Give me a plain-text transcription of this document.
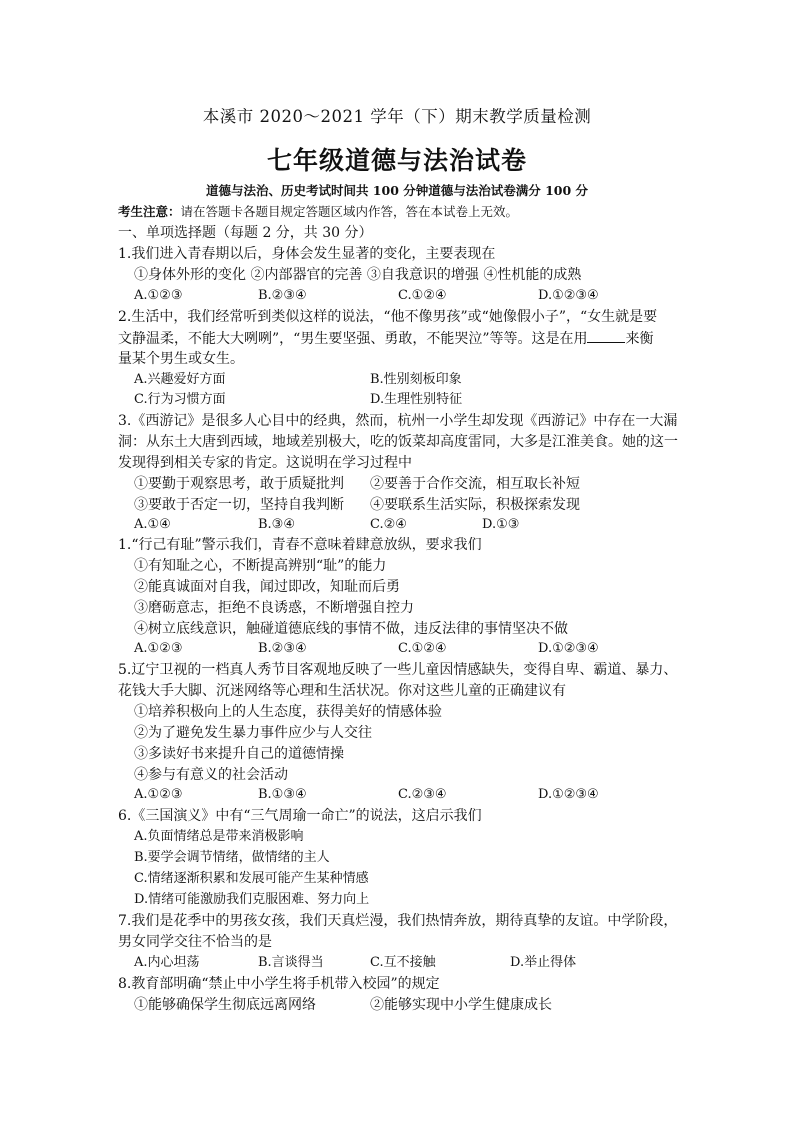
本溪市 2020～2021 学年（下）期末教学质量检测
七年级道德与法治试卷
道德与法治、历史考试时间共 100 分钟道德与法治试卷满分 100 分
考生注意：请在答题卡各题目规定答题区域内作答，答在本试卷上无效。
一、单项选择题（每题 2 分，共 30 分）
1.我们进入青春期以后，身体会发生显著的变化，主要表现在
①身体外形的变化 ②内部器官的完善 ③自我意识的增强 ④性机能的成熟
A.①②③	B.②③④	C.①②④	D.①②③④
2.生活中，我们经常听到类似这样的说法，“他不像男孩”或“她像假小子”，“女生就是要
文静温柔，不能大大咧咧”，“男生要坚强、勇敢，不能哭泣”等等。这是在用	来衡
量某个男生或女生。
A.兴趣爱好方面	B.性别刻板印象
C.行为习惯方面	D.生理性别特征
3.《西游记》是很多人心目中的经典，然而，杭州一小学生却发现《西游记》中存在一大漏
洞：从东土大唐到西域，地域差别极大，吃的饭菜却高度雷同，大多是江淮美食。她的这一
发现得到相关专家的肯定。这说明在学习过程中
①要勤于观察思考，敢于质疑批判 ②要善于合作交流，相互取长补短
③要敢于否定一切，坚持自我判断 ④要联系生活实际，积极探索发现
A.①④	B.③④	C.②④	D.①③
1.“行己有耻”警示我们，青春不意味着肆意放纵，要求我们
①有知耻之心，不断提高辨别“耻”的能力
②能真诚面对自我，闻过即改，知耻而后勇
③磨砺意志，拒绝不良诱惑，不断增强自控力
④树立底线意识，触碰道德底线的事情不做，违反法律的事情坚决不做
A.①②③	B.②③④	C.①②④	D.①②③④
5.辽宁卫视的一档真人秀节目客观地反映了一些儿童因情感缺失，变得自卑、霸道、暴力、
花钱大手大脚、沉迷网络等心理和生活状况。你对这些儿童的正确建议有
①培养积极向上的人生态度，获得美好的情感体验
②为了避免发生暴力事件应少与人交往
③多读好书来提升自己的道德情操
④参与有意义的社会活动
A.①②③	B.①③④	C.②③④	D.①②③④
6.《三国演义》中有“三气周瑜一命亡”的说法，这启示我们
A.负面情绪总是带来消极影响
B.要学会调节情绪，做情绪的主人
C.情绪逐渐积累和发展可能产生某种情感
D.情绪可能激励我们克服困难、努力向上
7.我们是花季中的男孩女孩，我们天真烂漫，我们热情奔放，期待真挚的友谊。中学阶段，
男女同学交往不恰当的是
A.内心坦荡	B.言谈得当	C.互不接触	D.举止得体
8.教育部明确“禁止中小学生将手机带入校园”的规定
①能够确保学生彻底远离网络	②能够实现中小学生健康成长
